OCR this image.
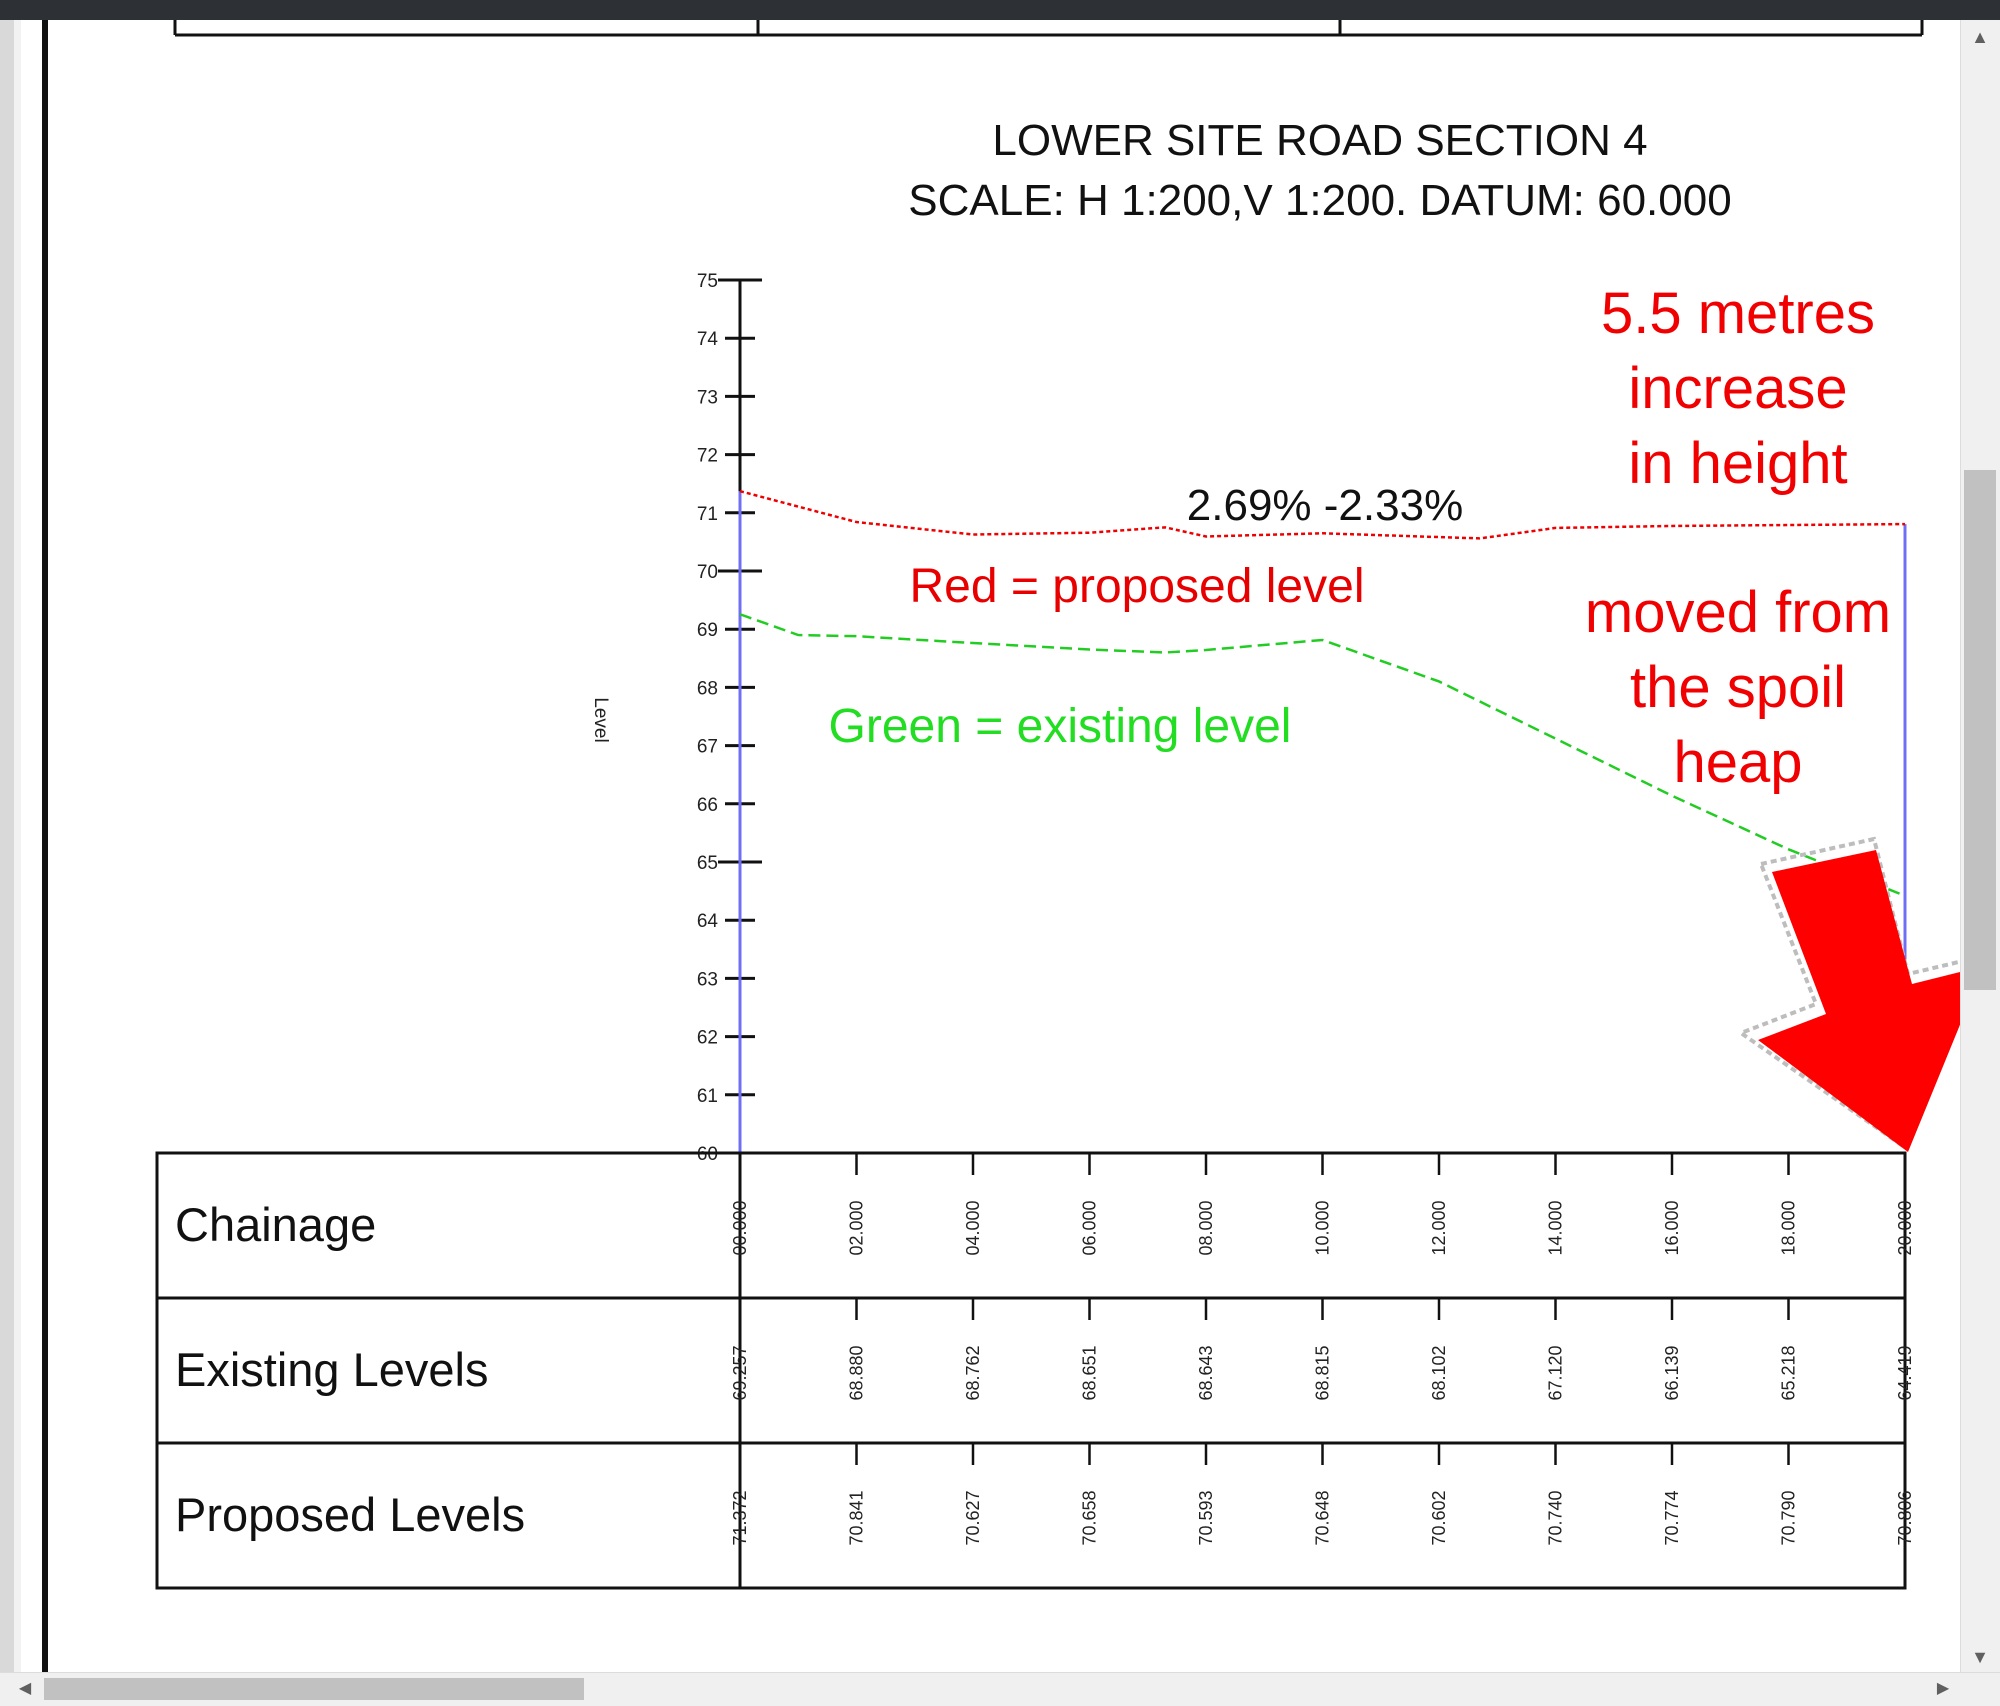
LOWER SITE ROAD SECTION 4
SCALE: H 1:200,V 1:200. DATUM: 60.000
75
74
73
72
71
70
69
68
67
66
65
64
63
62
61
60
Level
2.69% -2.33%
Red = proposed level
Green = existing level
5.5 metres
increase
in height
moved from
the spoil
heap
Chainage	00.000	02.000	04.000	06.000	08.000	10.000	12.000	14.000	16.000	18.000	20.000
Existing Levels	69.257	68.880	68.762	68.651	68.643	68.815	68.102	67.120	66.139	65.218	64.419
Proposed Levels	71.372	70.841	70.627	70.658	70.593	70.648	70.602	70.740	70.774	70.790	70.806
▲
▼
◀	▶
